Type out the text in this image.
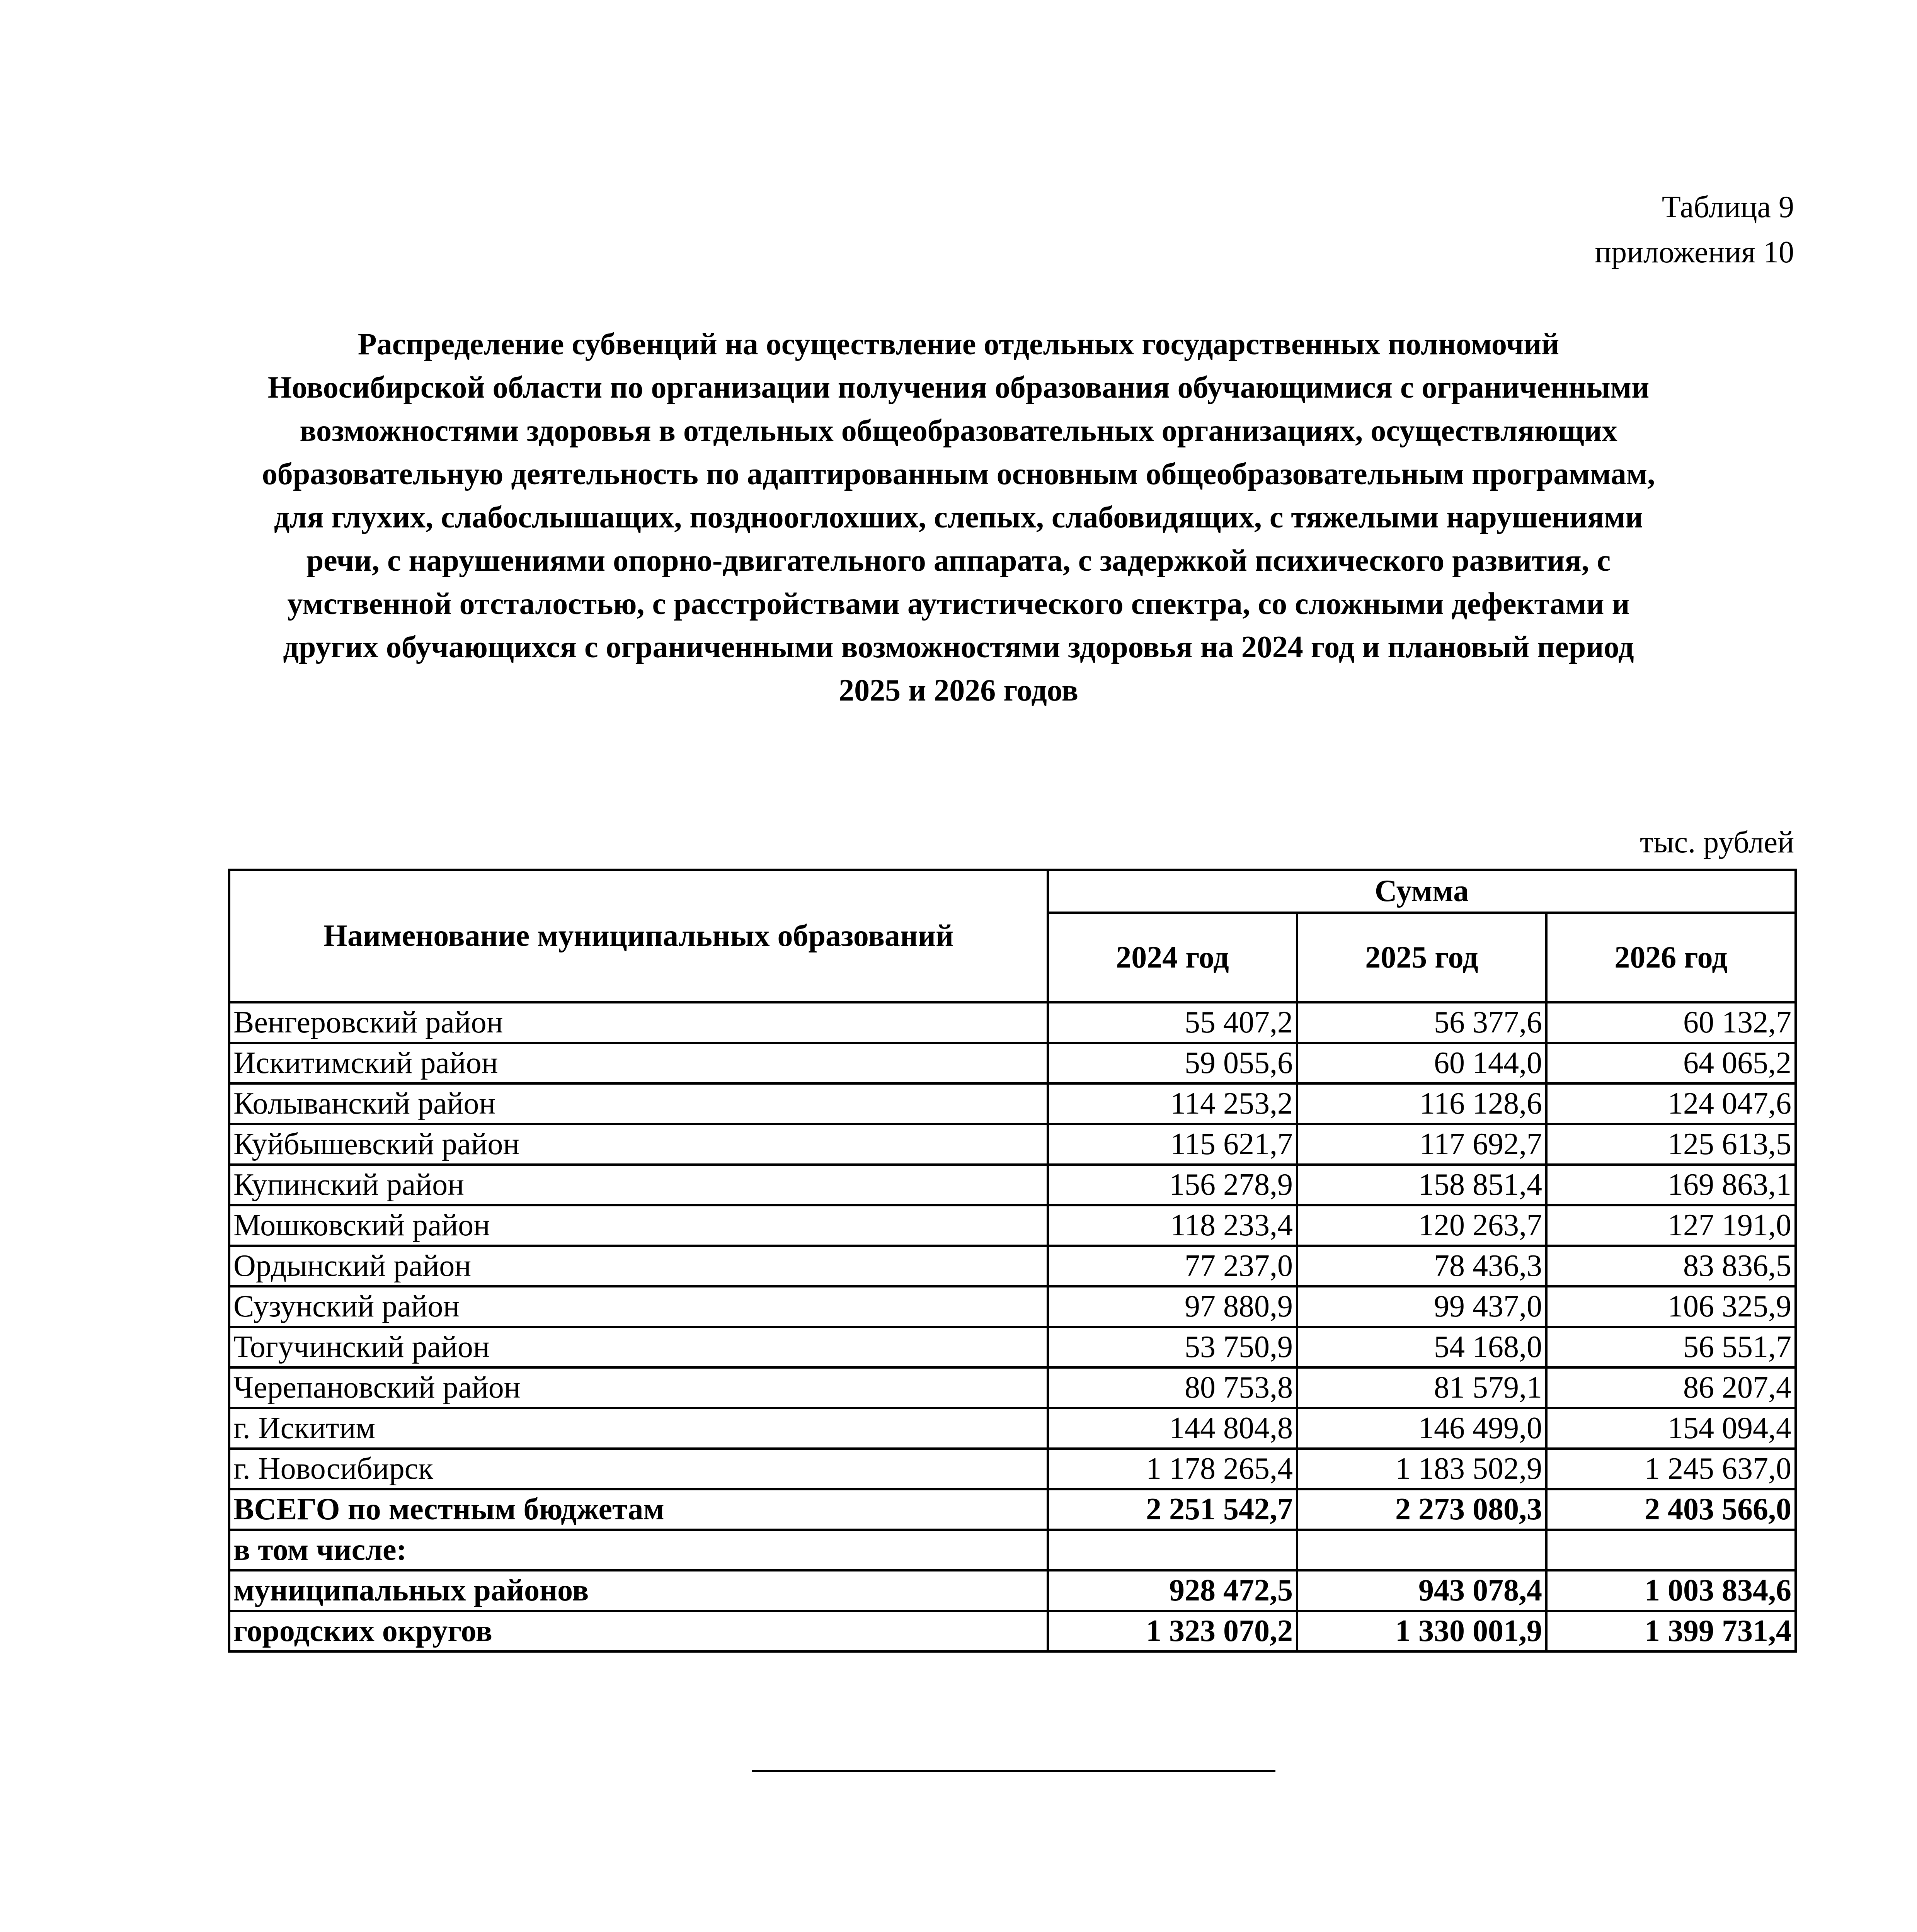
Таблица 9
приложения 10
Распределение субвенций на осуществление отдельных государственных полномочий
Новосибирской области по организации получения образования обучающимися с ограниченными
возможностями здоровья в отдельных общеобразовательных организациях, осуществляющих
образовательную деятельность по адаптированным основным общеобразовательным программам,
для глухих, слабослышащих, позднооглохших, слепых, слабовидящих, с тяжелыми нарушениями
речи, с нарушениями опорно-двигательного аппарата, с задержкой психического развития, с
умственной отсталостью, с расстройствами аутистического спектра, со сложными дефектами и
других обучающихся с ограниченными возможностями здоровья на 2024 год и плановый период
2025 и 2026 годов
тыс. рублей
Наименование муниципальных образований	Сумма		
	2024 год	2025 год	2026 год
Венгеровский район	55 407,2	56 377,6	60 132,7
Искитимский район	59 055,6	60 144,0	64 065,2
Колыванский район	114 253,2	116 128,6	124 047,6
Куйбышевский район	115 621,7	117 692,7	125 613,5
Купинский район	156 278,9	158 851,4	169 863,1
Мошковский район	118 233,4	120 263,7	127 191,0
Ордынский район	77 237,0	78 436,3	83 836,5
Сузунский район	97 880,9	99 437,0	106 325,9
Тогучинский район	53 750,9	54 168,0	56 551,7
Черепановский район	80 753,8	81 579,1	86 207,4
г. Искитим	144 804,8	146 499,0	154 094,4
г. Новосибирск	1 178 265,4	1 183 502,9	1 245 637,0
ВСЕГО по местным бюджетам	2 251 542,7	2 273 080,3	2 403 566,0
в том числе:			
муниципальных районов	928 472,5	943 078,4	1 003 834,6
городских округов	1 323 070,2	1 330 001,9	1 399 731,4
